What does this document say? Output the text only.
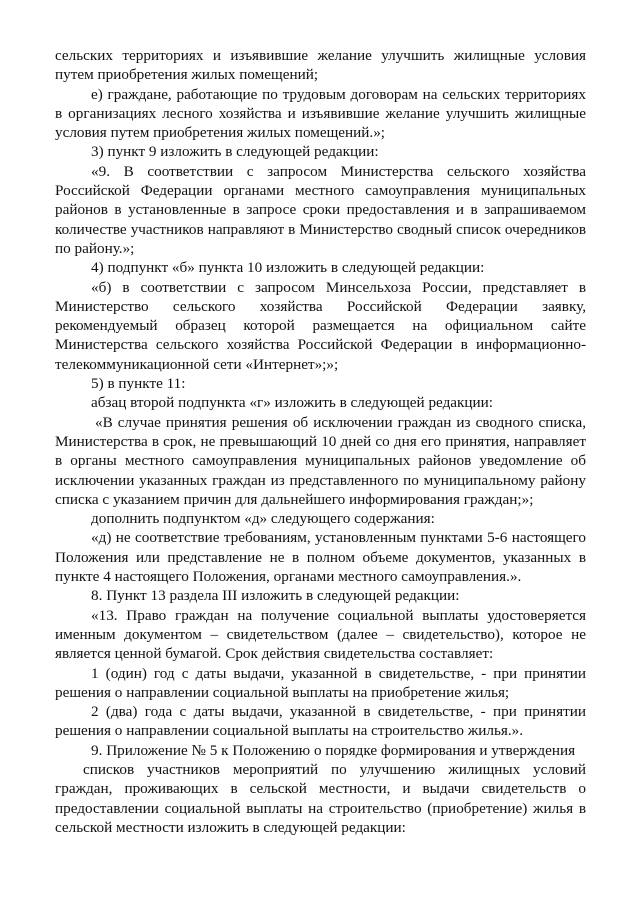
сельских территориях и изъявившие желание улучшить жилищные условия путем приобретения жилых помещений;

е) граждане, работающие по трудовым договорам на сельских территориях в организациях лесного хозяйства и изъявившие желание улучшить жилищные условия путем приобретения жилых помещений.»;

3) пункт 9 изложить в следующей редакции:

«9. В соответствии с запросом Министерства сельского хозяйства Российской Федерации органами местного самоуправления муниципальных районов в установленные в запросе сроки предоставления и в запрашиваемом количестве участников направляют в Министерство сводный список очередников по району.»;

4) подпункт «б» пункта 10 изложить в следующей редакции:

«б) в соответствии с запросом Минсельхоза России, представляет в Министерство сельского хозяйства Российской Федерации заявку, рекомендуемый образец которой размещается на официальном сайте Министерства сельского хозяйства Российской Федерации в информационно-телекоммуникационной сети «Интернет»;»;

5) в пункте 11:

абзац второй подпункта «г» изложить в следующей редакции:

«В случае принятия решения об исключении граждан из сводного списка, Министерства в срок, не превышающий 10 дней со дня его принятия, направляет в органы местного самоуправления муниципальных районов уведомление об исключении указанных граждан из представленного по муниципальному району списка с указанием причин для дальнейшего информирования граждан;»;

дополнить подпунктом «д» следующего содержания:

«д) не соответствие требованиям, установленным пунктами 5-6 настоящего Положения или представление не в полном объеме документов, указанных в пункте 4 настоящего Положения, органами местного самоуправления.».

8. Пункт 13 раздела III изложить в следующей редакции:

«13. Право граждан на получение социальной выплаты удостоверяется именным документом – свидетельством (далее – свидетельство), которое не является ценной бумагой. Срок действия свидетельства составляет:

1 (один) год с даты выдачи, указанной в свидетельстве, - при принятии решения о направлении социальной выплаты на приобретение жилья;

2 (два) года с даты выдачи, указанной в свидетельстве, - при принятии решения о направлении социальной выплаты на строительство жилья.».

9. Приложение № 5 к Положению о порядке формирования и утверждения

списков участников мероприятий по улучшению жилищных условий граждан, проживающих в сельской местности, и выдачи свидетельств о предоставлении социальной выплаты на строительство (приобретение) жилья в сельской местности изложить в следующей редакции:
